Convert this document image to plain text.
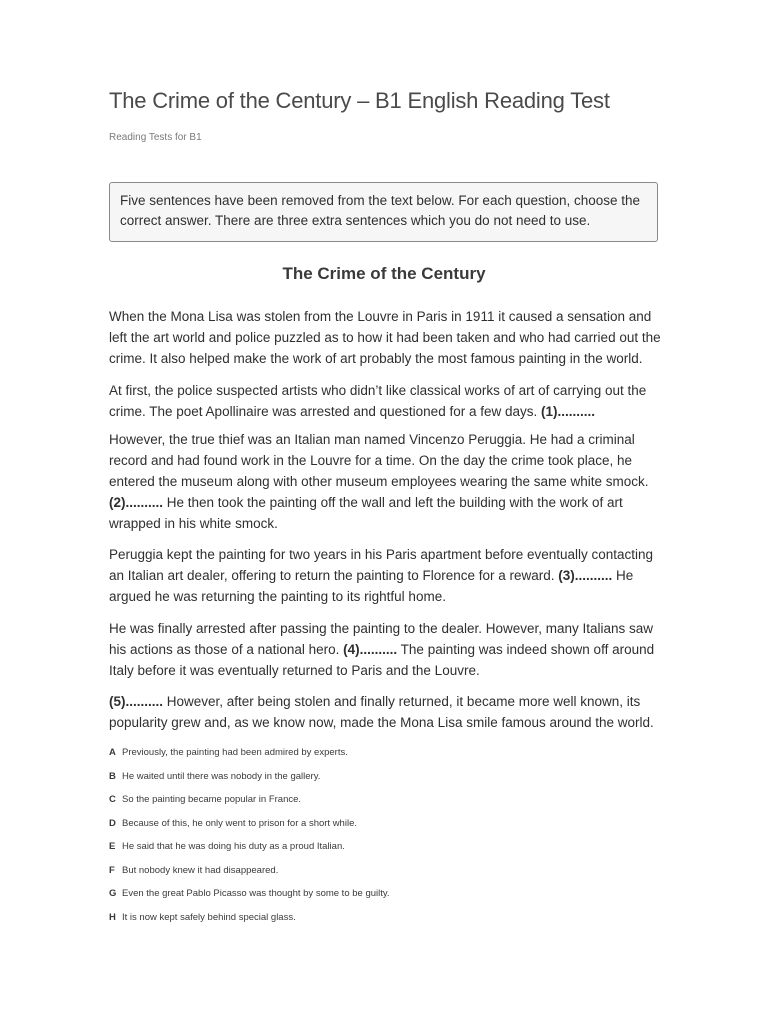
The Crime of the Century – B1 English Reading Test
Reading Tests for B1
Five sentences have been removed from the text below. For each question, choose the correct answer. There are three extra sentences which you do not need to use.
The Crime of the Century

When the Mona Lisa was stolen from the Louvre in Paris in 1911 it caused a sensation and left the art world and police puzzled as to how it had been taken and who had carried out the crime. It also helped make the work of art probably the most famous painting in the world.

At first, the police suspected artists who didn’t like classical works of art of carrying out the crime. The poet Apollinaire was arrested and questioned for a few days. (1)..........

However, the true thief was an Italian man named Vincenzo Peruggia. He had a criminal record and had found work in the Louvre for a time. On the day the crime took place, he entered the museum along with other museum employees wearing the same white smock. (2).......... He then took the painting off the wall and left the building with the work of art wrapped in his white smock.

Peruggia kept the painting for two years in his Paris apartment before eventually contacting an Italian art dealer, offering to return the painting to Florence for a reward. (3).......... He argued he was returning the painting to its rightful home.

He was finally arrested after passing the painting to the dealer. However, many Italians saw his actions as those of a national hero. (4).......... The painting was indeed shown off around Italy before it was eventually returned to Paris and the Louvre.

(5).......... However, after being stolen and finally returned, it became more well known, its popularity grew and, as we know now, made the Mona Lisa smile famous around the world.

A Previously, the painting had been admired by experts.
B He waited until there was nobody in the gallery.
C So the painting became popular in France.
D Because of this, he only went to prison for a short while.
E He said that he was doing his duty as a proud Italian.
F But nobody knew it had disappeared.
G Even the great Pablo Picasso was thought by some to be guilty.
H It is now kept safely behind special glass.
